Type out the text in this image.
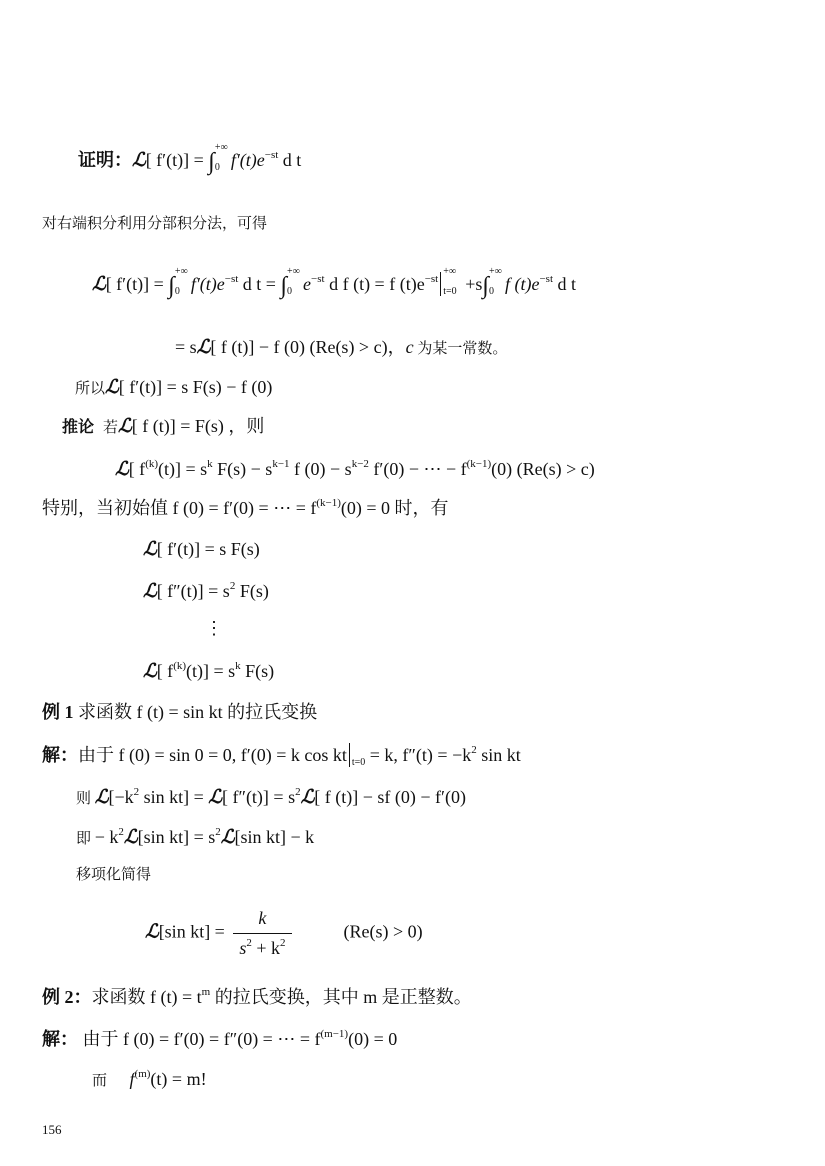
证明：ℒ[ f′(t)] = ∫
+∞
0 $f'(t)e^{-st}$ d t
对右端积分利用分部积分法，可得
ℒ[ f′(t)] = ∫
+∞
0 $f'(t)e^{-st}$ d t = ∫
+∞
0 $e^{-st}$ d f (t) = f $(t)e^{-st}$
+∞
t=0 +s∫
+∞
0 f $(t)e^{-st}$ d t
= sℒ[ f (t)] − f (0) (Re(s) > c)，c 为某一常数。
所以ℒ[ f′(t)] = s F(s) − f (0)
推论 若ℒ[ f (t)] = F(s) ，则
ℒ[ $f^{(k)}(t)] = s^k$ $F(s) - s^{k-1}$ f $(0) - s^{k-2}$ f′(0) − ⋯ − $f^{(k-1)}(0) (Re(s) > c)$
特别，当初始值 f (0) = f′(0) = ⋯ = $f^{(k-1)}(0) = 0$ 时，有
ℒ[ f′(t)] = s F(s)
ℒ[ $f''(t)] = s^2$ F(s)
⋮
ℒ[ $f^{(k)}(t)] = s^k$ F(s)
例 1 求函数 f (t) = sin kt 的拉氏变换
解：由于 f (0) = sin 0 = 0, f′(0) = k cos kt $_{t=0}$ = k, $f''(t) = -k^2$ sin kt
则 $ℒ[-k^2$ sin kt] = ℒ[ $f''(t)] = s^2ℒ$[ f (t)] − sf (0) − f′(0)
即 − $k^2ℒ[\sin$ $kt] = s^2ℒ[\sin$ kt] − k
移项化简得
ℒ[sin $kt] = \frac{k}{s^2 + k^2}$	(Re(s) > 0)
例 2：求函数 f $(t) = t^m$ 的拉氏变换，其中 m 是正整数。
解： 由于 f (0) = f′(0) = f″(0) = ⋯ = $f^{(m-1)}(0) = 0$
而 $f^{(m)}(t) = m$!
156
